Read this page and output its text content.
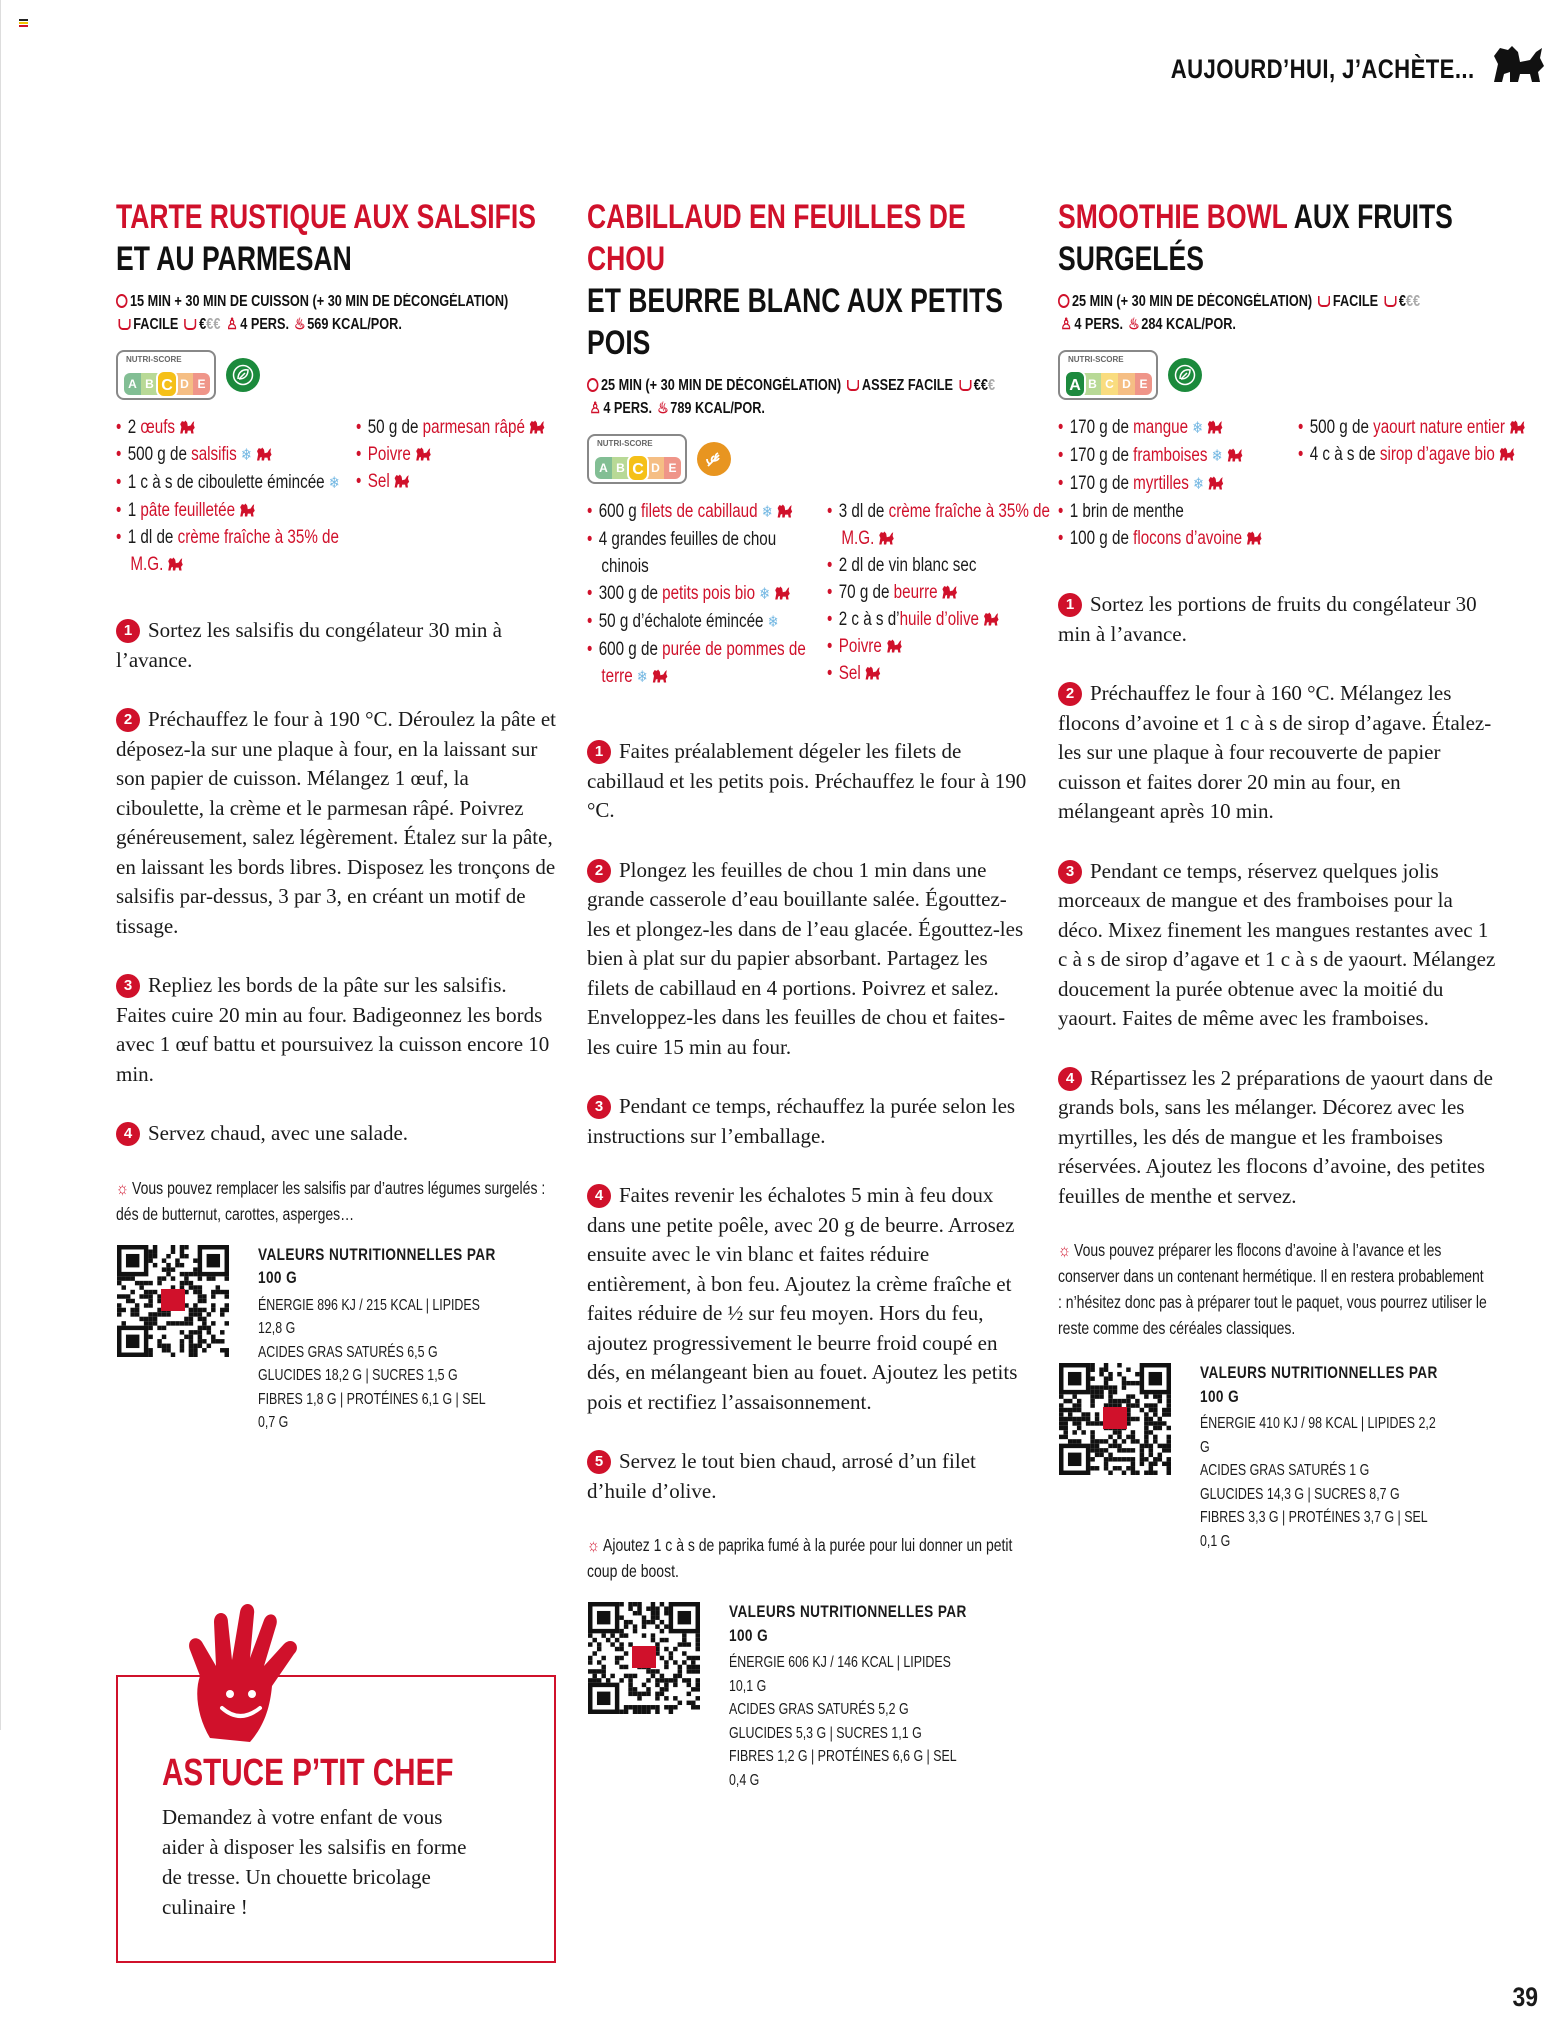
AUJOURD’HUI, J’ACHÈTE...
TARTE RUSTIQUE AUX SALSIFIS
ET AU PARMESAN
15 MIN + 30 MIN DE CUISSON (+ 30 MIN DE DÉCONGÉLATION)
FACILE €€€ ♙ 4 PERS. ♨ 569 KCAL/POR.
NUTRI-SCORE
A B C D E
• 2 œufs
• 500 g de salsifis ❄
• 1 c à s de ciboulette émincée ❄
• 1 pâte feuilletée
• 1 dl de crème fraîche à 35% de M.G.
• 50 g de parmesan râpé
• Poivre
• Sel
1 Sortez les salsifis du congélateur 30 min à l’avance.
2 Préchauffez le four à 190 °C. Déroulez la pâte et déposez-la sur une plaque à four, en la laissant sur son papier de cuisson. Mélangez 1 œuf, la ciboulette, la crème et le parmesan râpé. Poivrez généreusement, salez légèrement. Étalez sur la pâte, en laissant les bords libres. Disposez les tronçons de salsifis par-dessus, 3 par 3, en créant un motif de tissage.
3 Repliez les bords de la pâte sur les salsifis. Faites cuire 20 min au four. Badigeonnez les bords avec 1 œuf battu et poursuivez la cuisson encore 10 min.
4 Servez chaud, avec une salade.
☼ Vous pouvez remplacer les salsifis par d’autres légumes surgelés : dés de butternut, carottes, asperges…
VALEURS NUTRITIONNELLES PAR 100 G
ÉNERGIE 896 KJ / 215 KCAL | LIPIDES 12,8 G
ACIDES GRAS SATURÉS 6,5 G
GLUCIDES 18,2 G | SUCRES 1,5 G
FIBRES 1,8 G | PROTÉINES 6,1 G | SEL 0,7 G
CABILLAUD EN FEUILLES DE CHOU
ET BEURRE BLANC AUX PETITS POIS
25 MIN (+ 30 MIN DE DÉCONGÉLATION) ASSEZ FACILE €€€
♙ 4 PERS. ♨ 789 KCAL/POR.
NUTRI-SCORE
A B C D E
• 600 g filets de cabillaud ❄
• 4 grandes feuilles de chou chinois
• 300 g de petits pois bio ❄
• 50 g d’échalote émincée ❄
• 600 g de purée de pommes de terre ❄
• 3 dl de crème fraîche à 35% de M.G.
• 2 dl de vin blanc sec
• 70 g de beurre
• 2 c à s d’huile d’olive
• Poivre
• Sel
1 Faites préalablement dégeler les filets de cabillaud et les petits pois. Préchauffez le four à 190 °C.
2 Plongez les feuilles de chou 1 min dans une grande casserole d’eau bouillante salée. Égouttez-les et plongez-les dans de l’eau glacée. Égouttez-les bien à plat sur du papier absorbant. Partagez les filets de cabillaud en 4 portions. Poivrez et salez. Enveloppez-les dans les feuilles de chou et faites-les cuire 15 min au four.
3 Pendant ce temps, réchauffez la purée selon les instructions sur l’emballage.
4 Faites revenir les échalotes 5 min à feu doux dans une petite poêle, avec 20 g de beurre. Arrosez ensuite avec le vin blanc et faites réduire entièrement, à bon feu. Ajoutez la crème fraîche et faites réduire de ½ sur feu moyen. Hors du feu, ajoutez progressivement le beurre froid coupé en dés, en mélangeant bien au fouet. Ajoutez les petits pois et rectifiez l’assaisonnement.
5 Servez le tout bien chaud, arrosé d’un filet d’huile d’olive.
☼ Ajoutez 1 c à s de paprika fumé à la purée pour lui donner un petit coup de boost.
VALEURS NUTRITIONNELLES PAR 100 G
ÉNERGIE 606 KJ / 146 KCAL | LIPIDES 10,1 G
ACIDES GRAS SATURÉS 5,2 G
GLUCIDES 5,3 G | SUCRES 1,1 G
FIBRES 1,2 G | PROTÉINES 6,6 G | SEL 0,4 G
SMOOTHIE BOWL AUX FRUITS
SURGELÉS
25 MIN (+ 30 MIN DE DÉCONGÉLATION) FACILE €€€
♙ 4 PERS. ♨ 284 KCAL/POR.
NUTRI-SCORE
A B C D E
• 170 g de mangue ❄
• 170 g de framboises ❄
• 170 g de myrtilles ❄
• 1 brin de menthe
• 100 g de flocons d’avoine
• 500 g de yaourt nature entier
• 4 c à s de sirop d’agave bio
1 Sortez les portions de fruits du congélateur 30 min à l’avance.
2 Préchauffez le four à 160 °C. Mélangez les flocons d’avoine et 1 c à s de sirop d’agave. Étalez-les sur une plaque à four recouverte de papier cuisson et faites dorer 20 min au four, en mélangeant après 10 min.
3 Pendant ce temps, réservez quelques jolis morceaux de mangue et des framboises pour la déco. Mixez finement les mangues restantes avec 1 c à s de sirop d’agave et 1 c à s de yaourt. Mélangez doucement la purée obtenue avec la moitié du yaourt. Faites de même avec les framboises.
4 Répartissez les 2 préparations de yaourt dans de grands bols, sans les mélanger. Décorez avec les myrtilles, les dés de mangue et les framboises réservées. Ajoutez les flocons d’avoine, des petites feuilles de menthe et servez.
☼ Vous pouvez préparer les flocons d’avoine à l’avance et les conserver dans un contenant hermétique. Il en restera probablement : n’hésitez donc pas à préparer tout le paquet, vous pourrez utiliser le reste comme des céréales classiques.
VALEURS NUTRITIONNELLES PAR 100 G
ÉNERGIE 410 KJ / 98 KCAL | LIPIDES 2,2 G
ACIDES GRAS SATURÉS 1 G
GLUCIDES 14,3 G | SUCRES 8,7 G
FIBRES 3,3 G | PROTÉINES 3,7 G | SEL 0,1 G
ASTUCE P’TIT CHEF
Demandez à votre enfant de vous aider à disposer les salsifis en forme de tresse. Un chouette bricolage culinaire !
39
